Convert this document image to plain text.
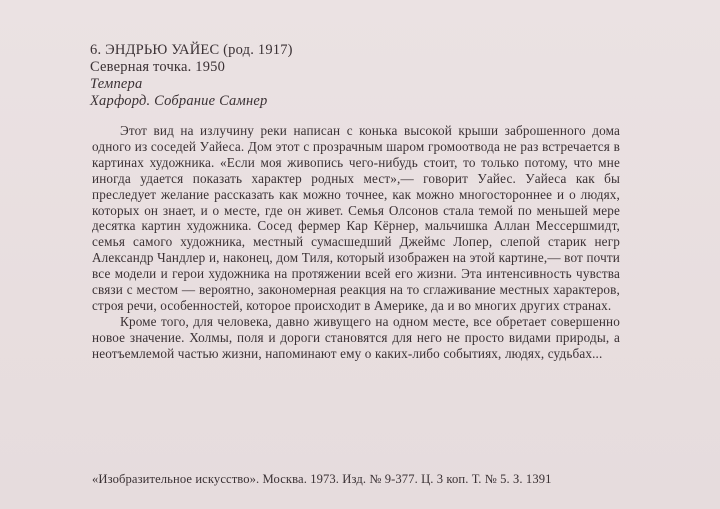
6. ЭНДРЬЮ УАЙЕС (род. 1917)
Северная точка. 1950
Темпера
Харфорд. Собрание Самнер

Этот вид на излучину реки написан с конька высокой крыши заброшенного дома одного из соседей Уайеса. Дом этот с прозрачным шаром громоотвода не раз встречается в картинах художника. «Если моя живопись чего-нибудь стоит, то только потому, что мне иногда удается показать характер родных мест»,— говорит Уайес. Уайеса как бы преследует желание рассказать как можно точнее, как можно многостороннее и о людях, которых он знает, и о месте, где он живет. Семья Олсонов стала темой по меньшей мере десятка картин художника. Сосед фермер Кар Кёрнер, мальчишка Аллан Мессершмидт, семья самого художника, местный сумасшедший Джеймс Лопер, слепой старик негр Александр Чандлер и, наконец, дом Тиля, который изображен на этой картине,— вот почти все модели и герои художника на протяжении всей его жизни. Эта интенсивность чувства связи с местом — вероятно, закономерная реакция на то сглаживание местных характеров, строя речи, особенностей, которое происходит в Америке, да и во многих других странах.

Кроме того, для человека, давно живущего на одном месте, все обретает совершенно новое значение. Холмы, поля и дороги становятся для него не просто видами природы, а неотъемлемой частью жизни, напоминают ему о каких-либо событиях, людях, судьбах...

«Изобразительное искусство». Москва. 1973. Изд. № 9-377. Ц. 3 коп. Т. № 5. З. 1391
